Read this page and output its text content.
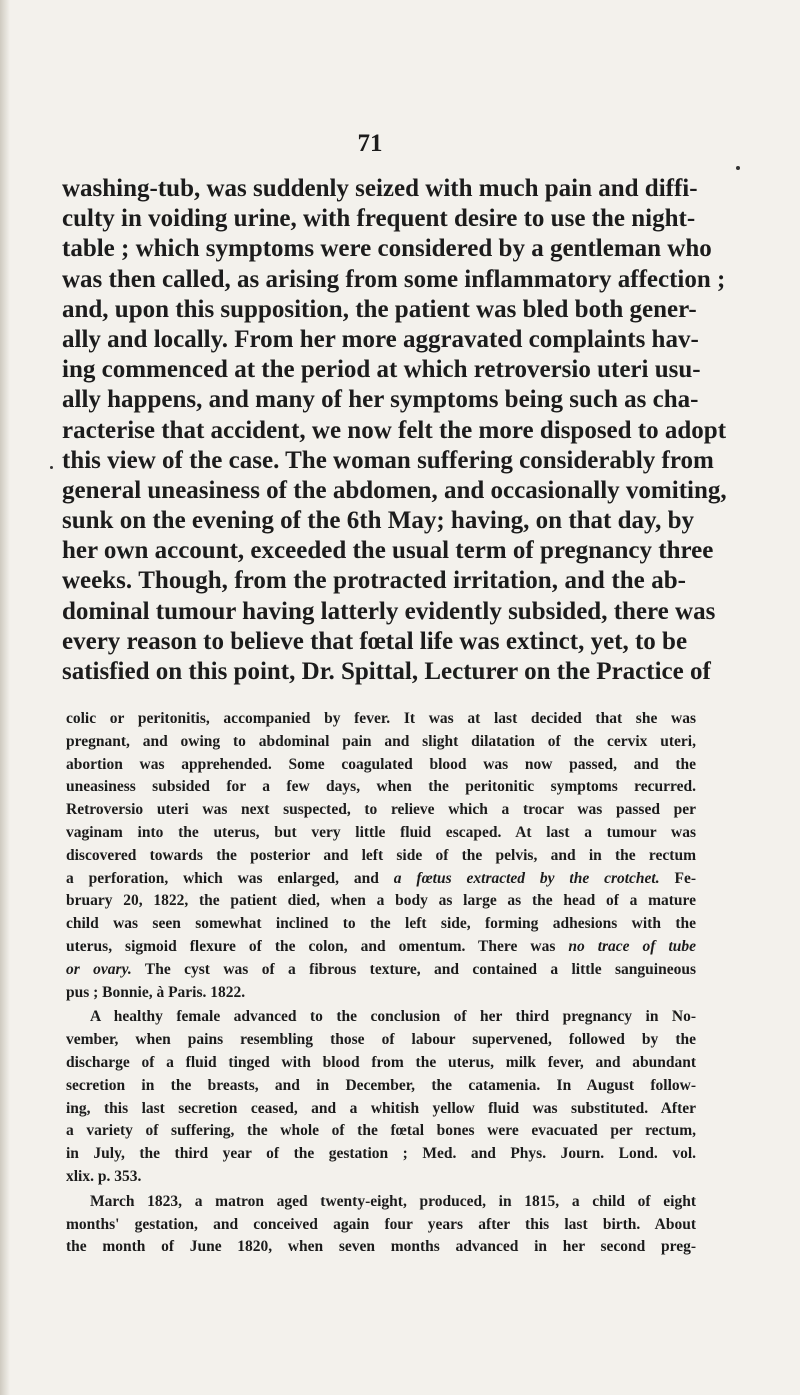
71
washing-tub, was suddenly seized with much pain and diffi-
culty in voiding urine, with frequent desire to use the night-
table ; which symptoms were considered by a gentleman who
was then called, as arising from some inflammatory affection ;
and, upon this supposition, the patient was bled both gener-
ally and locally. From her more aggravated complaints hav-
ing commenced at the period at which retroversio uteri usu-
ally happens, and many of her symptoms being such as cha-
racterise that accident, we now felt the more disposed to adopt
this view of the case. The woman suffering considerably from
general uneasiness of the abdomen, and occasionally vomiting,
sunk on the evening of the 6th May; having, on that day, by
her own account, exceeded the usual term of pregnancy three
weeks. Though, from the protracted irritation, and the ab-
dominal tumour having latterly evidently subsided, there was
every reason to believe that fœtal life was extinct, yet, to be
satisfied on this point, Dr. Spittal, Lecturer on the Practice of
colic or peritonitis, accompanied by fever. It was at last decided that she was
pregnant, and owing to abdominal pain and slight dilatation of the cervix uteri,
abortion was apprehended. Some coagulated blood was now passed, and the
uneasiness subsided for a few days, when the peritonitic symptoms recurred.
Retroversio uteri was next suspected, to relieve which a trocar was passed per
vaginam into the uterus, but very little fluid escaped. At last a tumour was
discovered towards the posterior and left side of the pelvis, and in the rectum
a perforation, which was enlarged, and a fœtus extracted by the crotchet. Fe-
bruary 20, 1822, the patient died, when a body as large as the head of a mature
child was seen somewhat inclined to the left side, forming adhesions with the
uterus, sigmoid flexure of the colon, and omentum. There was no trace of tube
or ovary. The cyst was of a fibrous texture, and contained a little sanguineous
pus ; Bonnie, à Paris. 1822.
A healthy female advanced to the conclusion of her third pregnancy in No-
vember, when pains resembling those of labour supervened, followed by the
discharge of a fluid tinged with blood from the uterus, milk fever, and abundant
secretion in the breasts, and in December, the catamenia. In August follow-
ing, this last secretion ceased, and a whitish yellow fluid was substituted. After
a variety of suffering, the whole of the fœtal bones were evacuated per rectum,
in July, the third year of the gestation ; Med. and Phys. Journ. Lond. vol.
xlix. p. 353.
March 1823, a matron aged twenty-eight, produced, in 1815, a child of eight
months' gestation, and conceived again four years after this last birth. About
the month of June 1820, when seven months advanced in her second preg-
